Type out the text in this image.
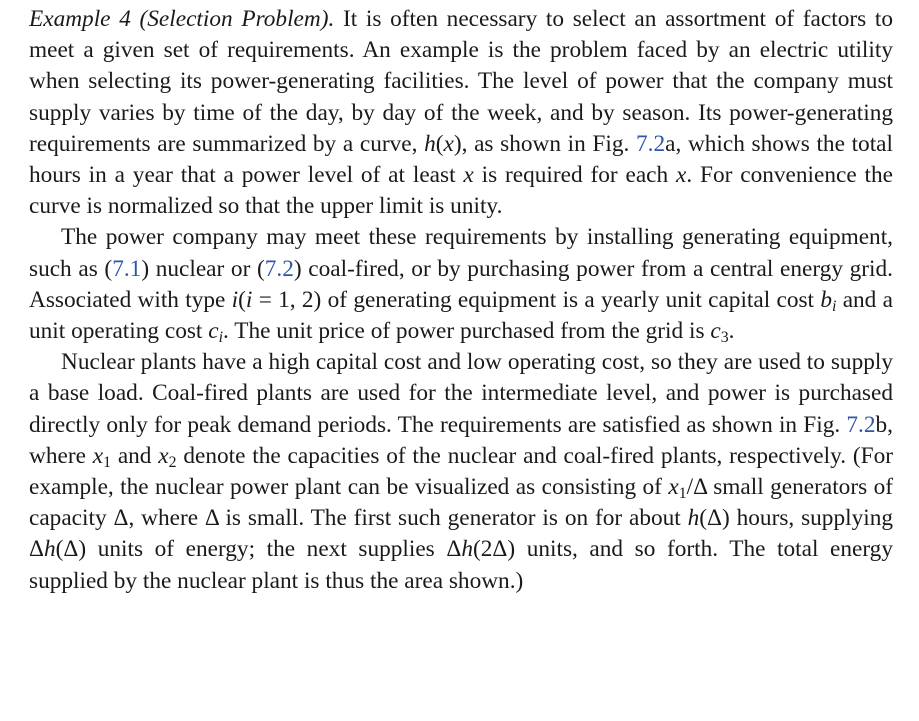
Example 4 (Selection Problem). It is often necessary to select an assortment of factors to meet a given set of requirements. An example is the problem faced by an electric utility when selecting its power-generating facilities. The level of power that the company must supply varies by time of the day, by day of the week, and by season. Its power-generating requirements are summarized by a curve, h(x), as shown in Fig. 7.2a, which shows the total hours in a year that a power level of at least x is required for each x. For convenience the curve is normalized so that the upper limit is unity.

The power company may meet these requirements by installing generating equipment, such as (7.1) nuclear or (7.2) coal-fired, or by purchasing power from a central energy grid. Associated with type i(i = 1, 2) of generating equipment is a yearly unit capital cost $b_i$ and a unit operating cost $c_i$. The unit price of power purchased from the grid is $c_3$.

Nuclear plants have a high capital cost and low operating cost, so they are used to supply a base load. Coal-fired plants are used for the intermediate level, and power is purchased directly only for peak demand periods. The requirements are satisfied as shown in Fig. 7.2b, where $x_1$ and $x_2$ denote the capacities of the nuclear and coal-fired plants, respectively. (For example, the nuclear power plant can be visualized as consisting of $x_1/\Delta$ small generators of capacity Δ, where Δ is small. The first such generator is on for about h(Δ) hours, supplying Δh(Δ) units of energy; the next supplies Δh(2Δ) units, and so forth. The total energy supplied by the nuclear plant is thus the area shown.)
